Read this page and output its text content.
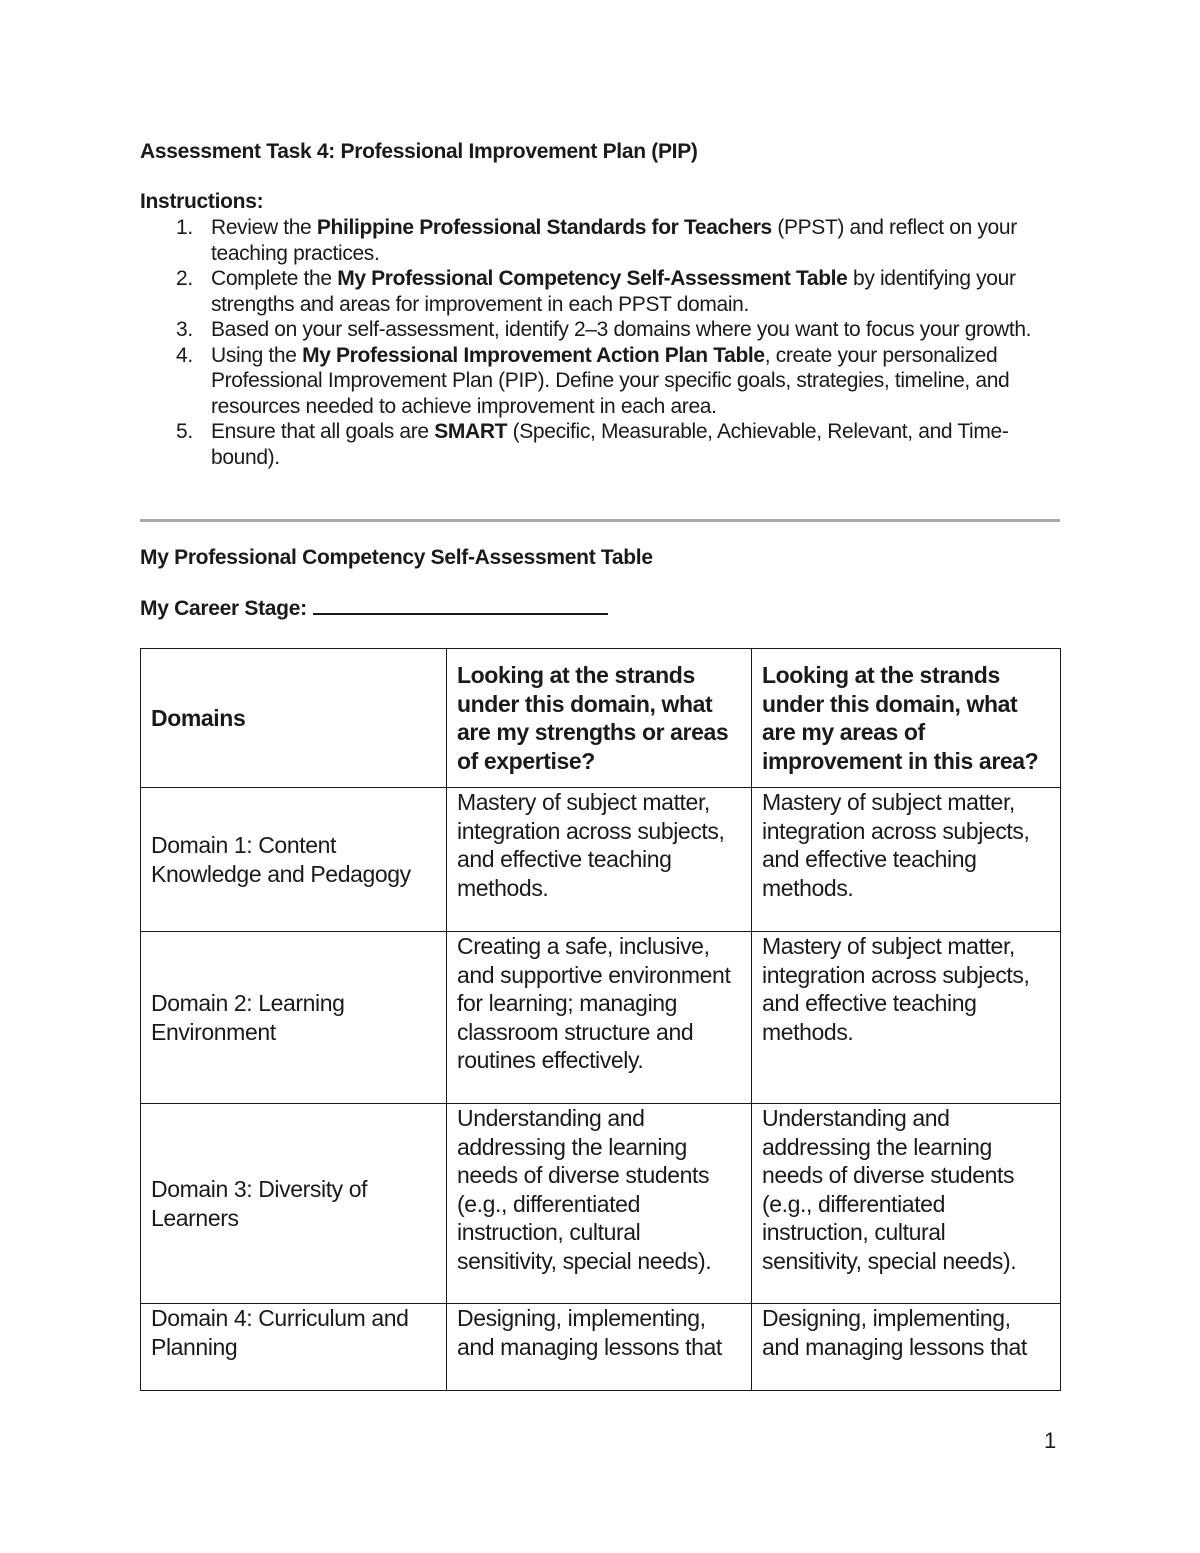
Assessment Task 4: Professional Improvement Plan (PIP)
Instructions:
1. Review the Philippine Professional Standards for Teachers (PPST) and reflect on your teaching practices.
2. Complete the My Professional Competency Self-Assessment Table by identifying your strengths and areas for improvement in each PPST domain.
3. Based on your self-assessment, identify 2–3 domains where you want to focus your growth.
4. Using the My Professional Improvement Action Plan Table, create your personalized Professional Improvement Plan (PIP). Define your specific goals, strategies, timeline, and resources needed to achieve improvement in each area.
5. Ensure that all goals are SMART (Specific, Measurable, Achievable, Relevant, and Time-bound).
My Professional Competency Self-Assessment Table
My Career Stage:
Domains	Looking at the strands under this domain, what are my strengths or areas of expertise?	Looking at the strands under this domain, what are my areas of improvement in this area?
Domain 1: Content Knowledge and Pedagogy	Mastery of subject matter, integration across subjects, and effective teaching methods.	Mastery of subject matter, integration across subjects, and effective teaching methods.
Domain 2: Learning Environment	Creating a safe, inclusive, and supportive environment for learning; managing classroom structure and routines effectively.	Mastery of subject matter, integration across subjects, and effective teaching methods.
Domain 3: Diversity of Learners	Understanding and addressing the learning needs of diverse students (e.g., differentiated instruction, cultural sensitivity, special needs).	Understanding and addressing the learning needs of diverse students (e.g., differentiated instruction, cultural sensitivity, special needs).
Domain 4: Curriculum and Planning	Designing, implementing, and managing lessons that	Designing, implementing, and managing lessons that
1
